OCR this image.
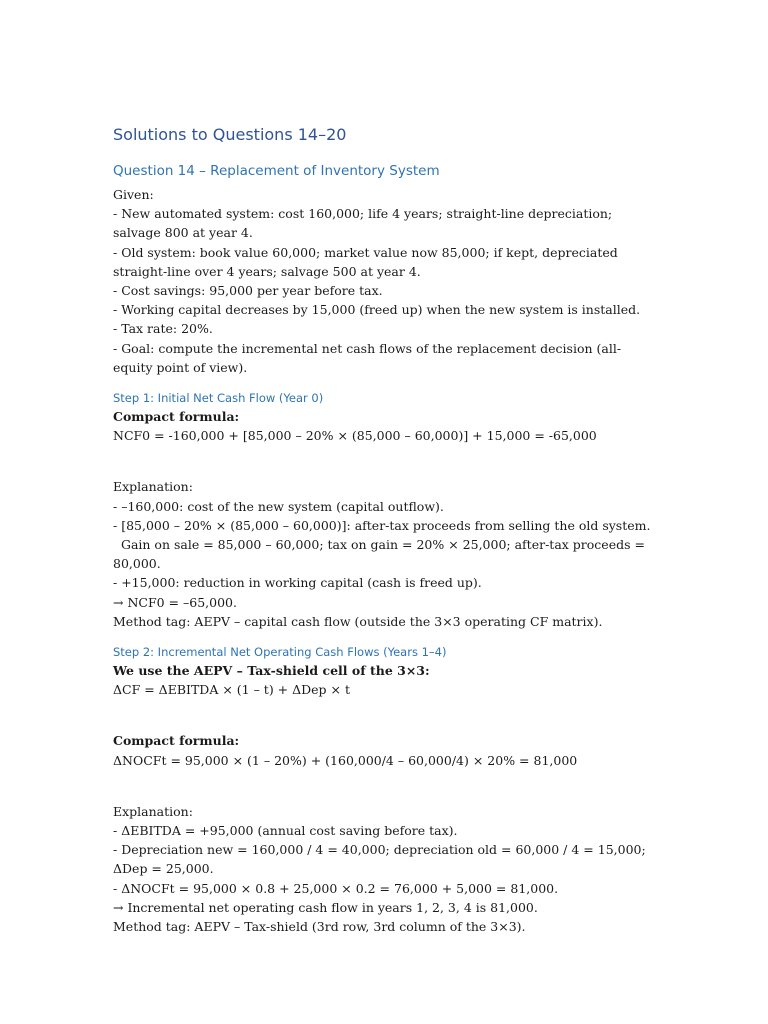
Solutions to Questions 14–20
Question 14 – Replacement of Inventory System

Given:

- New automated system: cost 160,000; life 4 years; straight-line depreciation; salvage 800 at year 4.

- Old system: book value 60,000; market value now 85,000; if kept, depreciated straight-line over 4 years; salvage 500 at year 4.

- Cost savings: 95,000 per year before tax.

- Working capital decreases by 15,000 (freed up) when the new system is installed.

- Tax rate: 20%.

- Goal: compute the incremental net cash flows of the replacement decision (all-equity point of view).

Step 1: Initial Net Cash Flow (Year 0)

Compact formula:

NCF0 = -160,000 + [85,000 – 20% × (85,000 – 60,000)] + 15,000 = -65,000

Explanation:

- –160,000: cost of the new system (capital outflow).

- [85,000 – 20% × (85,000 – 60,000)]: after-tax proceeds from selling the old system.

Gain on sale = 85,000 – 60,000; tax on gain = 20% × 25,000; after-tax proceeds = 80,000.

- +15,000: reduction in working capital (cash is freed up).

→ NCF0 = –65,000.

Method tag: AEPV – capital cash flow (outside the 3×3 operating CF matrix).

Step 2: Incremental Net Operating Cash Flows (Years 1–4)

We use the AEPV – Tax-shield cell of the 3×3:

ΔCF = ΔEBITDA × (1 – t) + ΔDep × t

Compact formula:

ΔNOCFt = 95,000 × (1 – 20%) + (160,000/4 – 60,000/4) × 20% = 81,000

Explanation:

- ΔEBITDA = +95,000 (annual cost saving before tax).

- Depreciation new = 160,000 / 4 = 40,000; depreciation old = 60,000 / 4 = 15,000; ΔDep = 25,000.

- ΔNOCFt = 95,000 × 0.8 + 25,000 × 0.2 = 76,000 + 5,000 = 81,000.

→ Incremental net operating cash flow in years 1, 2, 3, 4 is 81,000.

Method tag: AEPV – Tax-shield (3rd row, 3rd column of the 3×3).
